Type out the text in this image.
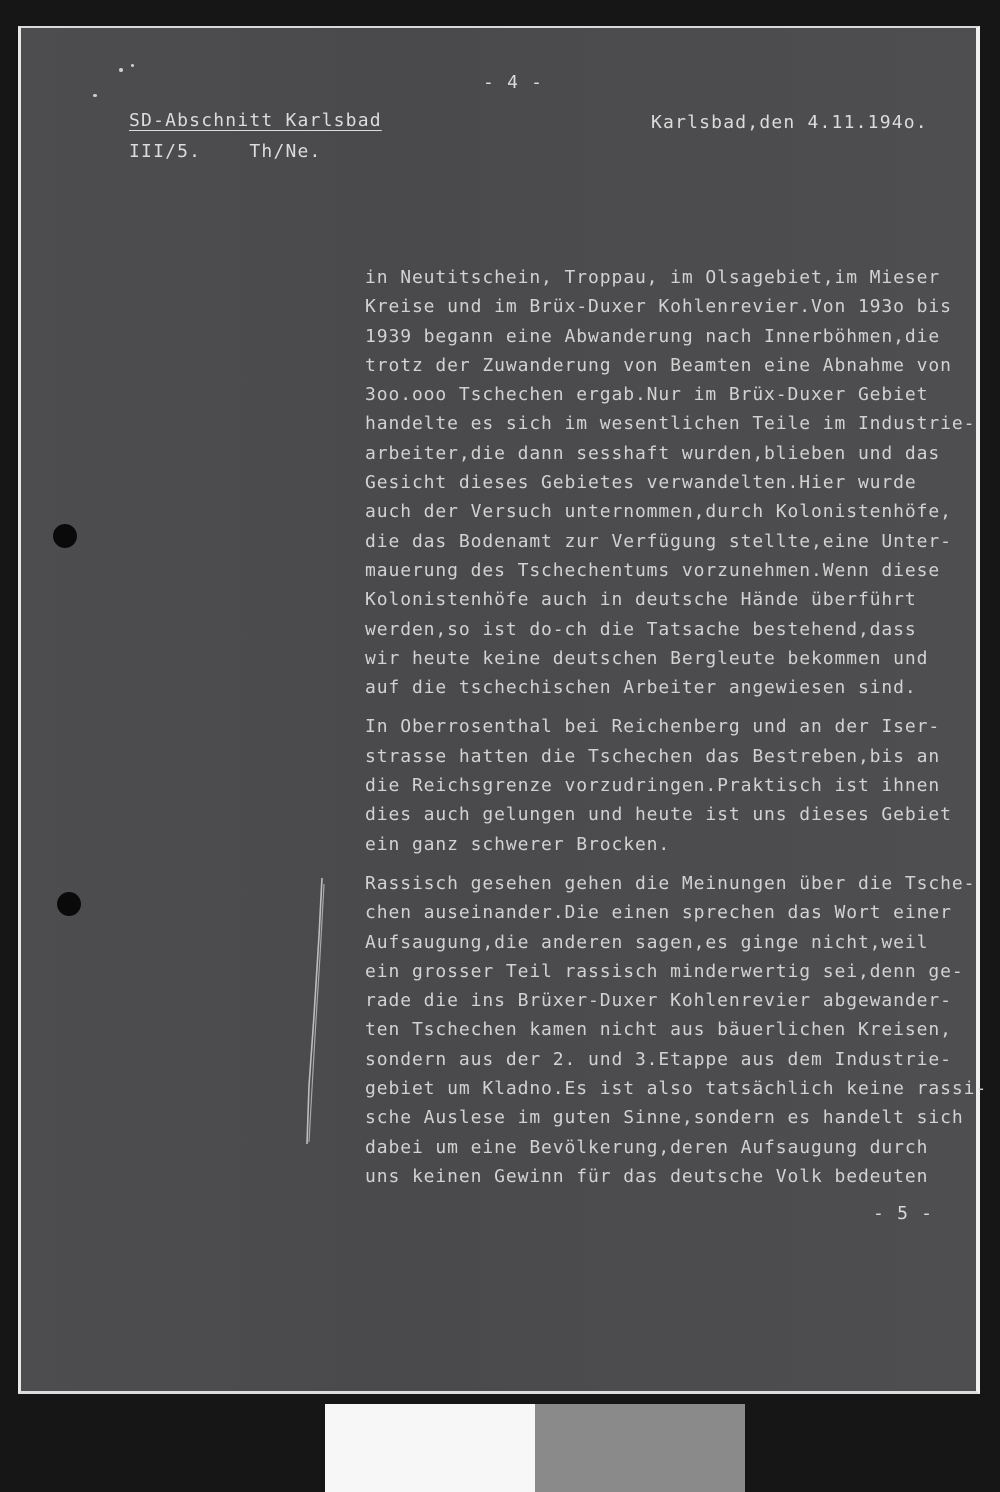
- 4 -
SD-Abschnitt Karlsbad
III/5.    Th/Ne.
Karlsbad,den 4.11.194o.
in Neutitschein, Troppau, im Olsagebiet,im Mieser
Kreise und im Brüx-Duxer Kohlenrevier.Von 193o bis
1939 begann eine Abwanderung nach Innerböhmen,die
trotz der Zuwanderung von Beamten eine Abnahme von
3oo.ooo Tschechen ergab.Nur im Brüx-Duxer Gebiet
handelte es sich im wesentlichen Teile im Industrie-
arbeiter,die dann sesshaft wurden,blieben und das
Gesicht dieses Gebietes verwandelten.Hier wurde
auch der Versuch unternommen,durch Kolonistenhöfe,
die das Bodenamt zur Verfügung stellte,eine Unter-
mauerung des Tschechentums vorzunehmen.Wenn diese
Kolonistenhöfe auch in deutsche Hände überführt
werden,so ist do-ch die Tatsache bestehend,dass
wir heute keine deutschen Bergleute bekommen und
auf die tschechischen Arbeiter angewiesen sind.
In Oberrosenthal bei Reichenberg und an der Iser-
strasse hatten die Tschechen das Bestreben,bis an
die Reichsgrenze vorzudringen.Praktisch ist ihnen
dies auch gelungen und heute ist uns dieses Gebiet
ein ganz schwerer Brocken.
Rassisch gesehen gehen die Meinungen über die Tsche-
chen auseinander.Die einen sprechen das Wort einer
Aufsaugung,die anderen sagen,es ginge nicht,weil
ein grosser Teil rassisch minderwertig sei,denn ge-
rade die ins Brüxer-Duxer Kohlenrevier abgewander-
ten Tschechen kamen nicht aus bäuerlichen Kreisen,
sondern aus der 2. und 3.Etappe aus dem Industrie-
gebiet um Kladno.Es ist also tatsächlich keine rassi-
sche Auslese im guten Sinne,sondern es handelt sich
dabei um eine Bevölkerung,deren Aufsaugung durch
uns keinen Gewinn für das deutsche Volk bedeuten
- 5 -
